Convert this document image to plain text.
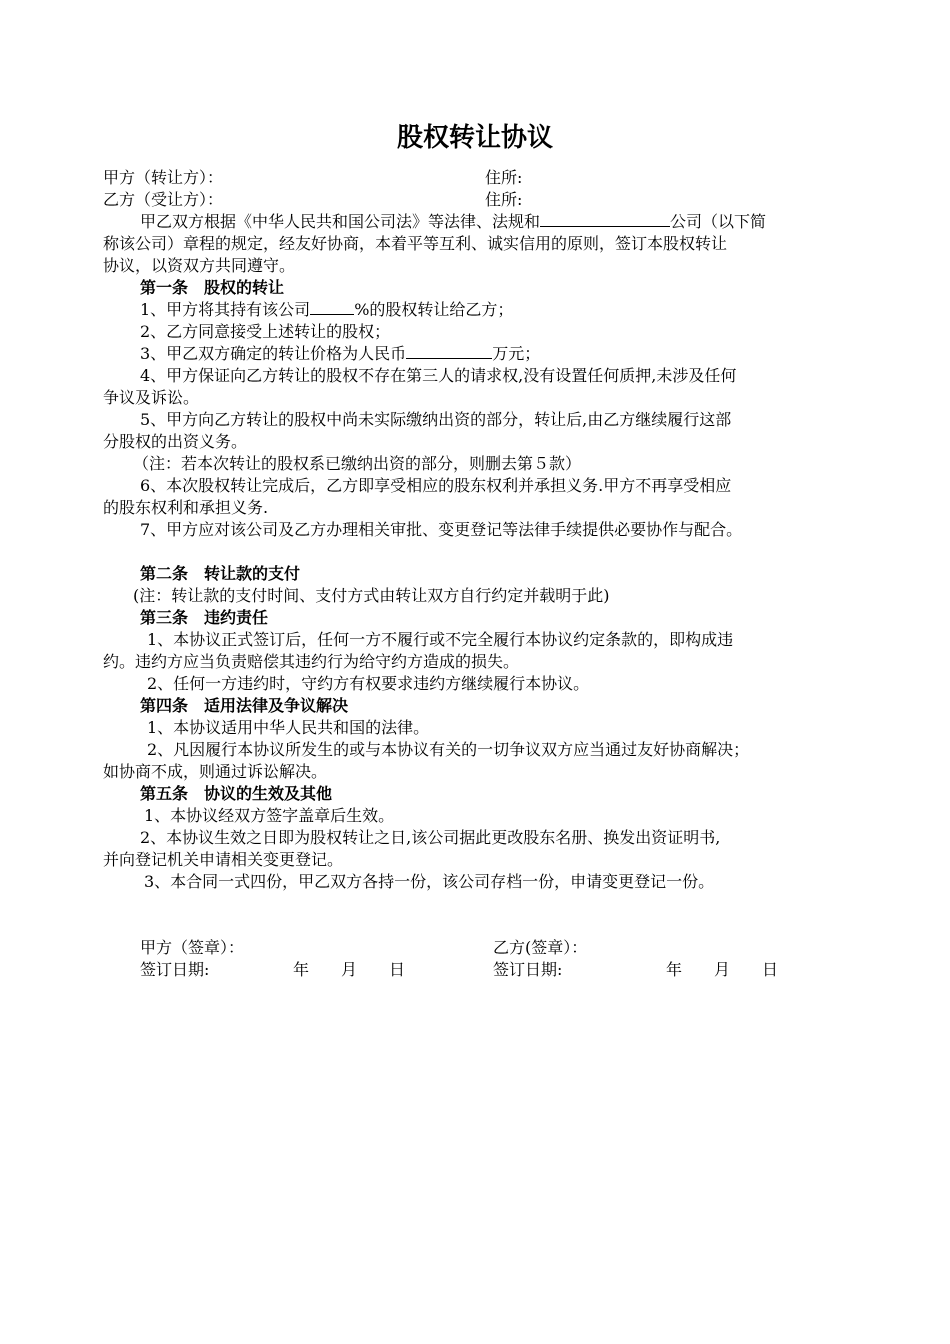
股权转让协议
甲方（转让方）：	住所:
乙方（受让方）：	住所:
甲乙双方根据《中华人民共和国公司法》等法律、法规和	公司（以下简
称该公司）章程的规定，经友好协商，本着平等互利、诚实信用的原则，签订本股权转让
协议，以资双方共同遵守。
第一条　股权的转让
1、甲方将其持有该公司	%的股权转让给乙方；
2、乙方同意接受上述转让的股权；
3、甲乙双方确定的转让价格为人民币	万元；
4、甲方保证向乙方转让的股权不存在第三人的请求权,没有设置任何质押,未涉及任何
争议及诉讼。
5、甲方向乙方转让的股权中尚未实际缴纳出资的部分，转让后,由乙方继续履行这部
分股权的出资义务。
（注：若本次转让的股权系已缴纳出资的部分，则删去第５款）
6、本次股权转让完成后，乙方即享受相应的股东权利并承担义务.甲方不再享受相应
的股东权利和承担义务.
7、甲方应对该公司及乙方办理相关审批、变更登记等法律手续提供必要协作与配合。
第二条　转让款的支付
(注：转让款的支付时间、支付方式由转让双方自行约定并载明于此)
第三条　违约责任
1、本协议正式签订后，任何一方不履行或不完全履行本协议约定条款的，即构成违
约。违约方应当负责赔偿其违约行为给守约方造成的损失。
2、任何一方违约时，守约方有权要求违约方继续履行本协议。
第四条　适用法律及争议解决
1、本协议适用中华人民共和国的法律。
2、凡因履行本协议所发生的或与本协议有关的一切争议双方应当通过友好协商解决；
如协商不成，则通过诉讼解决。
第五条　协议的生效及其他
1、本协议经双方签字盖章后生效。
2、本协议生效之日即为股权转让之日,该公司据此更改股东名册、换发出资证明书,
并向登记机关申请相关变更登记。
3、本合同一式四份，甲乙双方各持一份，该公司存档一份，申请变更登记一份。
甲方（签章）：	乙方(签章）：
签订日期:	年 月 日	签订日期:	年 月 日
